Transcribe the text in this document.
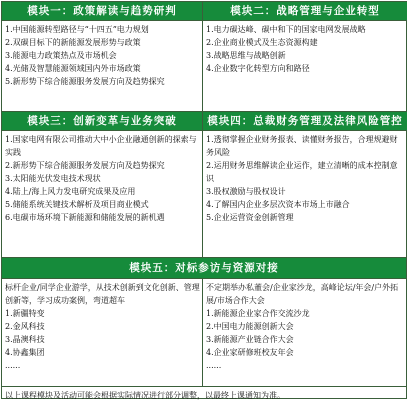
模块一：政策解读与趋势研判	模块二：战略管理与企业转型
1.中国能源转型路径与“十四五”电力规划
2.双碳目标下的新能源发展形势与政策
3.能源电力政策热点及市场机会
4.光储及智慧能源领域国内外市场政策
5.新形势下综合能源服务发展方向及趋势探究
1.电力碳达峰、碳中和下的国家电网发展战略
2.企业商业模式及生态资源构建
3.战略思维与战略创新
4.企业数字化转型方向和路径
模块三：创新变革与业务突破	模块四：总裁财务管理及法律风险管控
1.国家电网有限公司推动大中小企业融通创新的探索与实践
2.新形势下综合能源服务发展方向及趋势探究
3.太阳能光伏发电技术现状
4.陆上/海上风力发电研究成果及应用
5.储能系统关键技术解析及项目商业模式
6.电碳市场环境下新能源和储能发展的新机遇
1.透彻掌握企业财务报表、读懂财务报告，合理规避财务风险
2.运用财务思维解读企业运作，建立清晰的成本控制意识
3.股权激励与股权设计
4.了解国内企业多层次资本市场上市融合
5.企业运营资金创新管理
模块五：对标参访与资源对接
标杆企业/同学企业游学，从技术创新到文化创新、管理创新等，学习成功案例，弯道超车
1.新疆特变
2.金风科技
3.晶澳科技
4.协鑫集团
......
不定期举办私董会/企业家沙龙，高峰论坛/年会/户外拓展/市场合作大会
1.新能源企业家合作交流沙龙
2.中国电力能源创新大会
3.新能源产业链合作大会
4.企业家研修班校友年会
......
以上课程模块及活动可能会根据实际情况进行部分调整，以最终上课通知为准。
